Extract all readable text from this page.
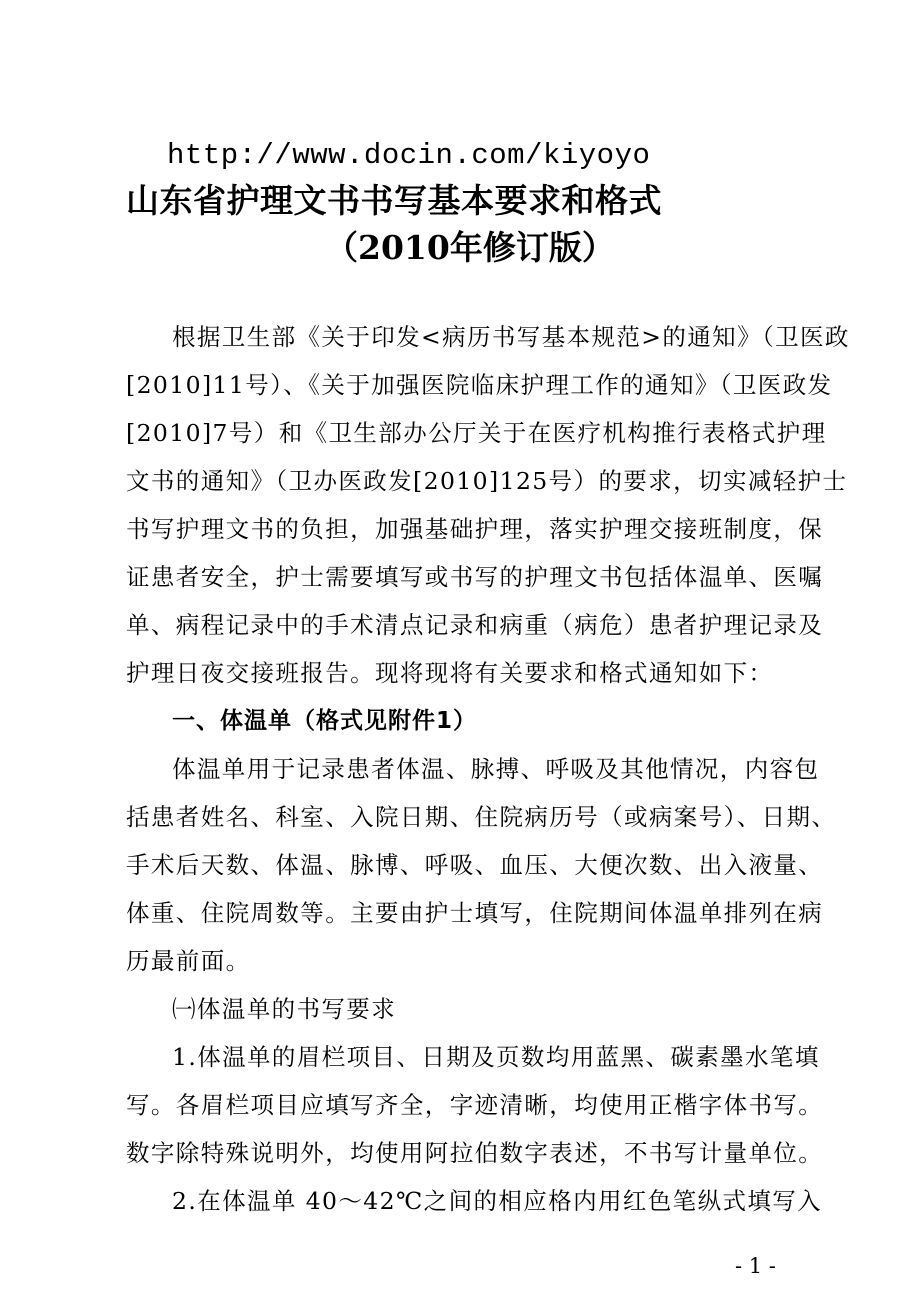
http://www.docin.com/kiyoyo

山东省护理文书书写基本要求和格式
（2010年修订版）

根据卫生部《关于印发<病历书写基本规范>的通知》（卫医政

[2010]11号）、《关于加强医院临床护理工作的通知》（卫医政发

[2010]7号）和《卫生部办公厅关于在医疗机构推行表格式护理

文书的通知》（卫办医政发[2010]125号）的要求，切实减轻护士

书写护理文书的负担，加强基础护理，落实护理交接班制度，保

证患者安全，护士需要填写或书写的护理文书包括体温单、医嘱

单、病程记录中的手术清点记录和病重（病危）患者护理记录及

护理日夜交接班报告。现将现将有关要求和格式通知如下：

一、体温单（格式见附件1）

体温单用于记录患者体温、脉搏、呼吸及其他情况，内容包

括患者姓名、科室、入院日期、住院病历号（或病案号）、日期、

手术后天数、体温、脉博、呼吸、血压、大便次数、出入液量、

体重、住院周数等。主要由护士填写，住院期间体温单排列在病

历最前面。

㈠体温单的书写要求

1.体温单的眉栏项目、日期及页数均用蓝黑、碳素墨水笔填

写。各眉栏项目应填写齐全，字迹清晰，均使用正楷字体书写。

数字除特殊说明外，均使用阿拉伯数字表述，不书写计量单位。

2.在体温单 40～42℃之间的相应格内用红色笔纵式填写入

- 1 -
